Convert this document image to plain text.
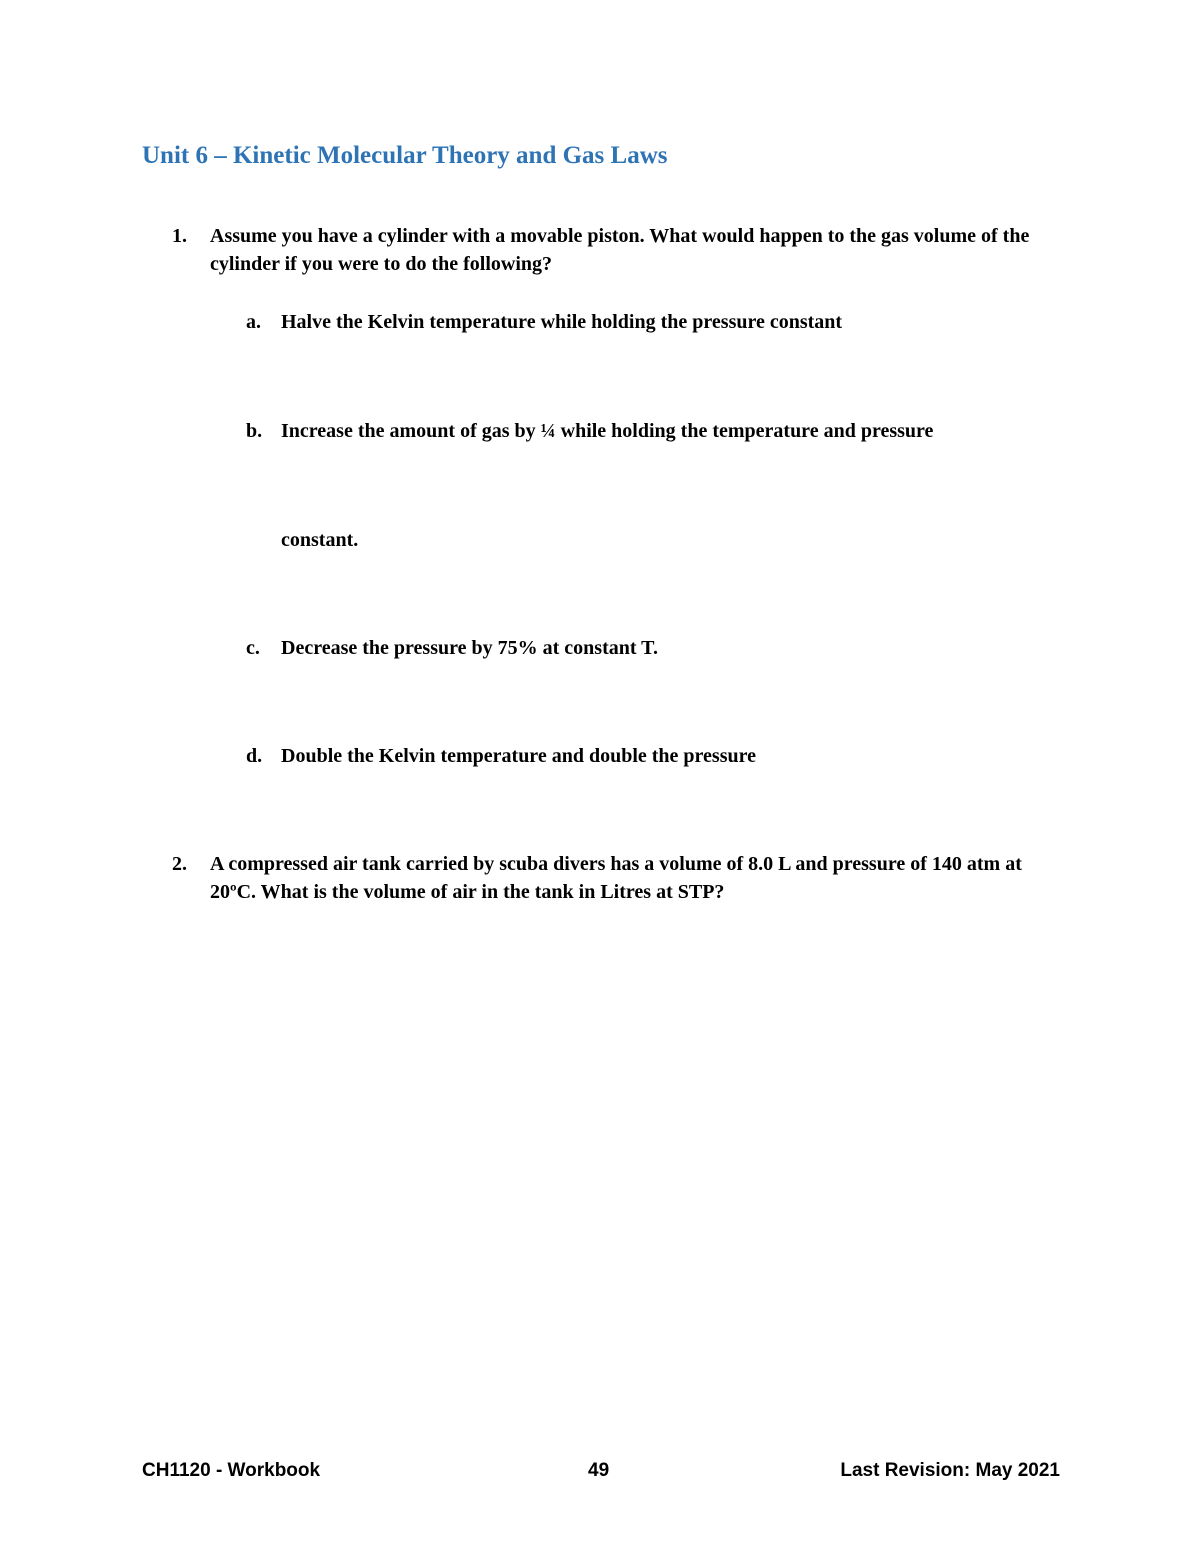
Unit 6 – Kinetic Molecular Theory and Gas Laws
1.	Assume you have a cylinder with a movable piston. What would happen to the gas volume of the cylinder if you were to do the following?
a.	Halve the Kelvin temperature while holding the pressure constant
b. Increase the amount of gas by ¼ while holding the temperature and pressure
constant.
c.	Decrease the pressure by 75% at constant T.
d. Double the Kelvin temperature and double the pressure
2.	A compressed air tank carried by scuba divers has a volume of 8.0 L and pressure of 140 atm at 20ºC. What is the volume of air in the tank in Litres at STP?
CH1120 - Workbook	49	Last Revision: May 2021
